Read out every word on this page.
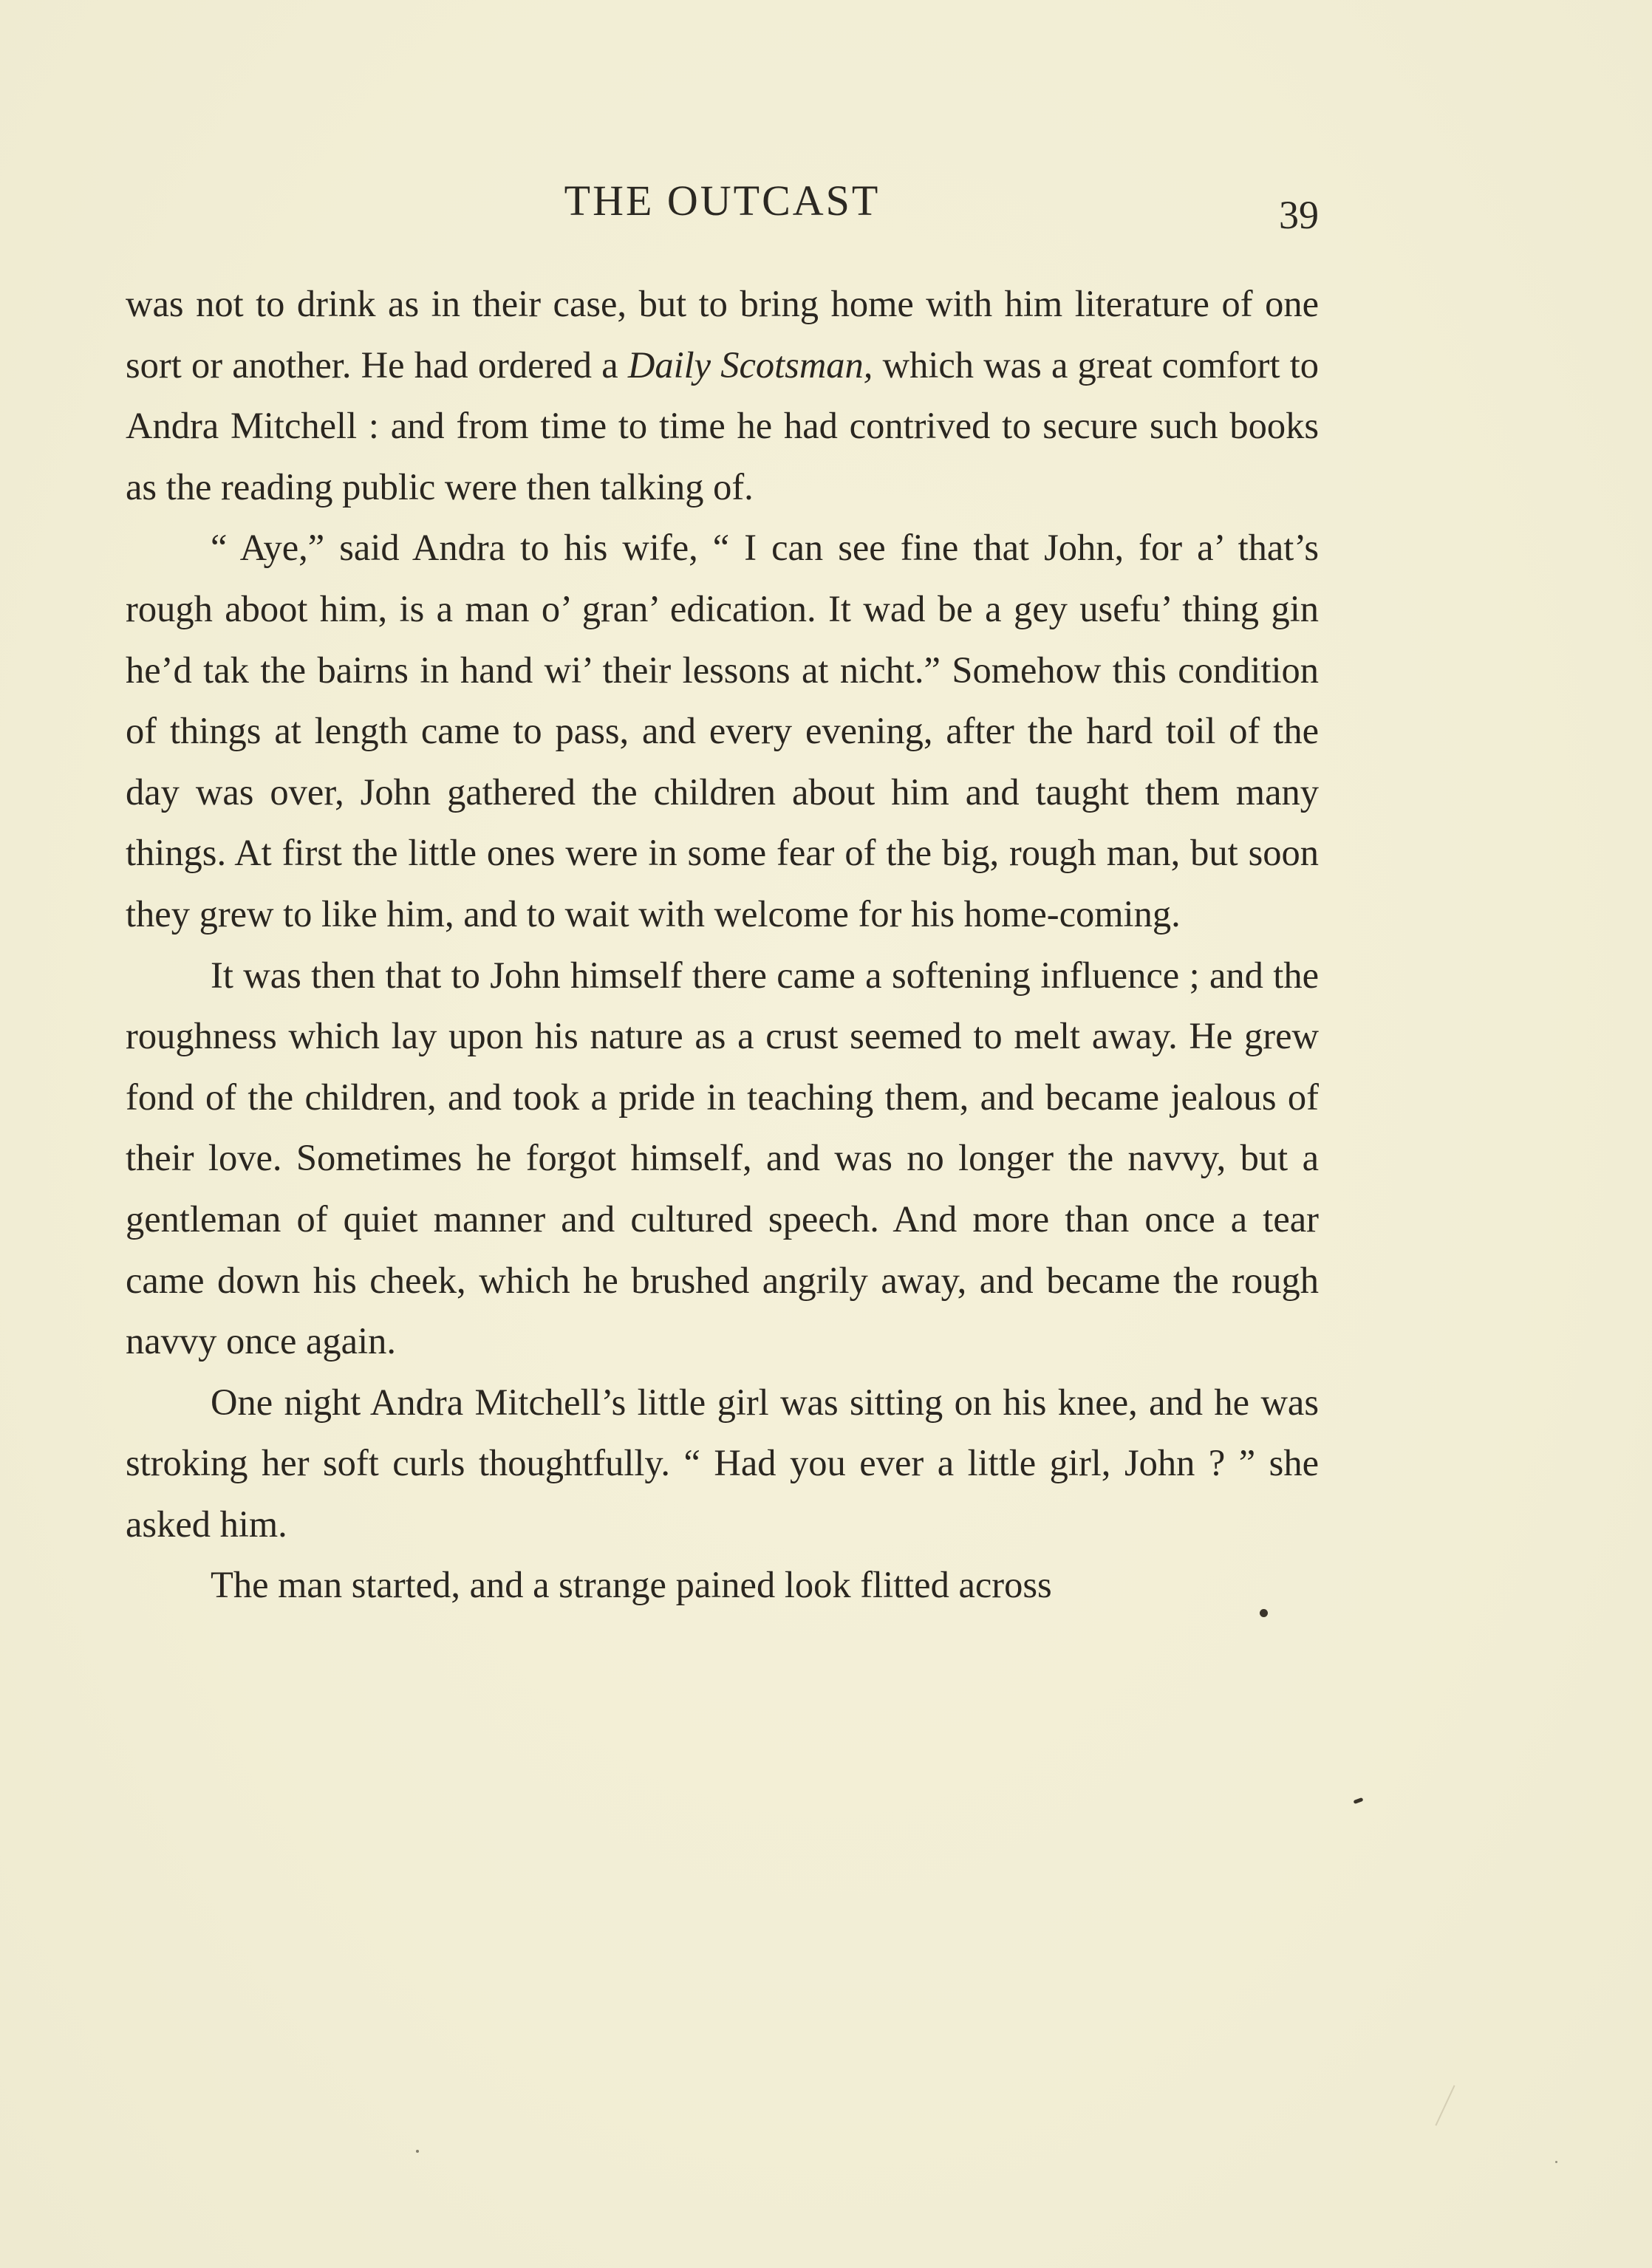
THE OUTCAST	39

was not to drink as in their case, but to bring home with him literature of one sort or another. He had ordered a Daily Scotsman, which was a great comfort to Andra Mitchell : and from time to time he had contrived to secure such books as the reading public were then talking of.

“ Aye,” said Andra to his wife, “ I can see fine that John, for a’ that’s rough aboot him, is a man o’ gran’ edication. It wad be a gey usefu’ thing gin he’d tak the bairns in hand wi’ their lessons at nicht.” Somehow this condition of things at length came to pass, and every evening, after the hard toil of the day was over, John gathered the children about him and taught them many things. At first the little ones were in some fear of the big, rough man, but soon they grew to like him, and to wait with welcome for his home-coming.

It was then that to John himself there came a softening influence ; and the roughness which lay upon his nature as a crust seemed to melt away. He grew fond of the children, and took a pride in teaching them, and became jealous of their love. Sometimes he forgot himself, and was no longer the navvy, but a gentleman of quiet manner and cultured speech. And more than once a tear came down his cheek, which he brushed angrily away, and became the rough navvy once again.

One night Andra Mitchell’s little girl was sitting on his knee, and he was stroking her soft curls thoughtfully. “ Had you ever a little girl, John ? ” she asked him.

The man started, and a strange pained look flitted across
